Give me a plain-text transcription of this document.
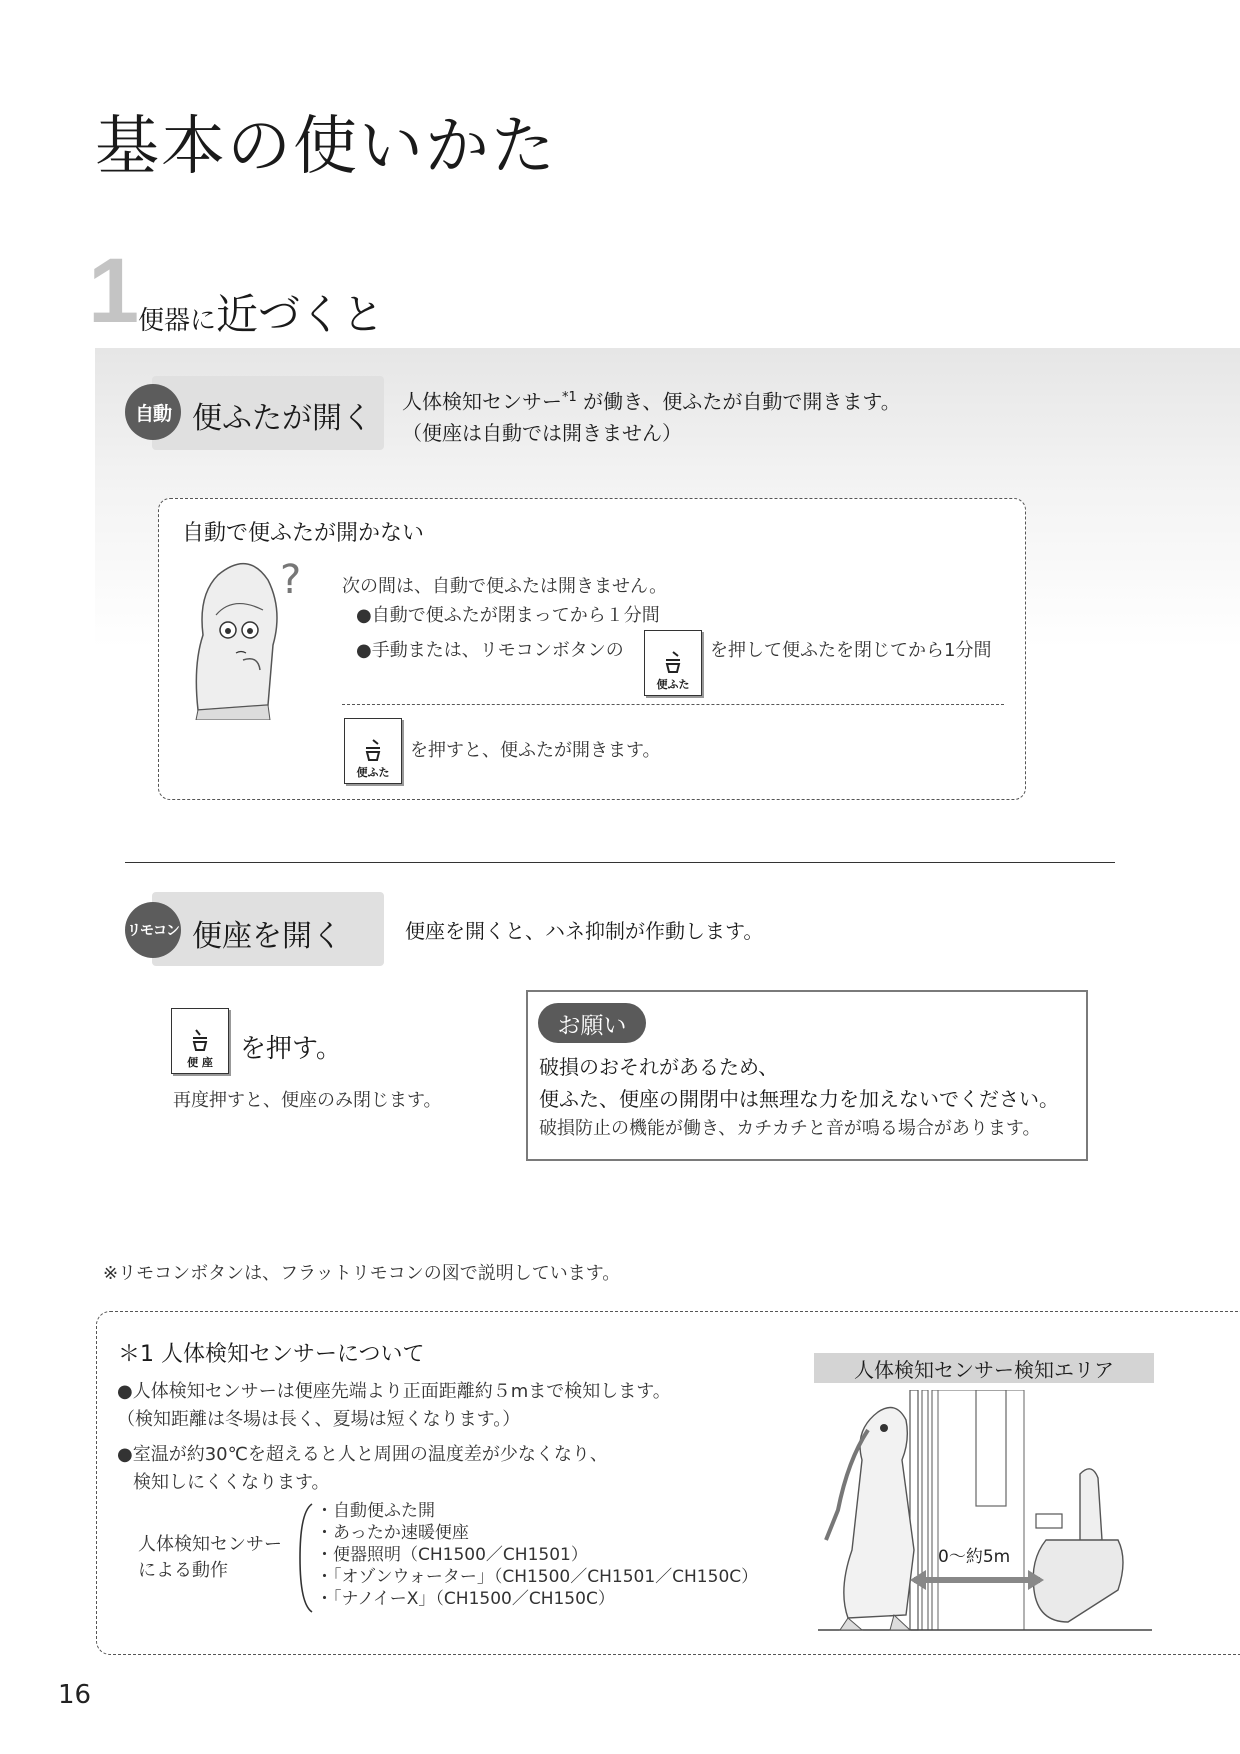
基本の使いかた
1
便器に近づくと
自動 便ふたが開く 人体検知センサー$^{*1}$ が働き、便ふたが自動で開きます。
（便座は自動では開きません）
自動で便ふたが開かない
? 次の間は、自動で便ふたは開きません。
●自動で便ふたが閉まってから１分間
●手動または、リモコンボタンの
便ふた
を押して便ふたを閉じてから1分間
便ふた
を押すと、便ふたが開きます。
リモコン 便座を開く	便座を開くと、ハネ抑制が作動します。
便 座 を押す。
再度押すと、便座のみ閉じます。
お願い
破損のおそれがあるため、
便ふた、便座の開閉中は無理な力を加えないでください。
破損防止の機能が働き、カチカチと音が鳴る場合があります。
※リモコンボタンは、フラットリモコンの図で説明しています。
＊1 人体検知センサーについて
●人体検知センサーは便座先端より正面距離約５mまで検知します。
（検知距離は冬場は長く、夏場は短くなります。）
●室温が約30℃を超えると人と周囲の温度差が少なくなり、
検知しにくくなります。
人体検知センサー
による動作
・自動便ふた開
・あったか速暖便座
・便器照明（CH1500／CH1501）
・「オゾンウォーター」（CH1500／CH1501／CH150C）
・「ナノイーX」（CH1500／CH150C）
人体検知センサー検知エリア
0〜約5m
16
